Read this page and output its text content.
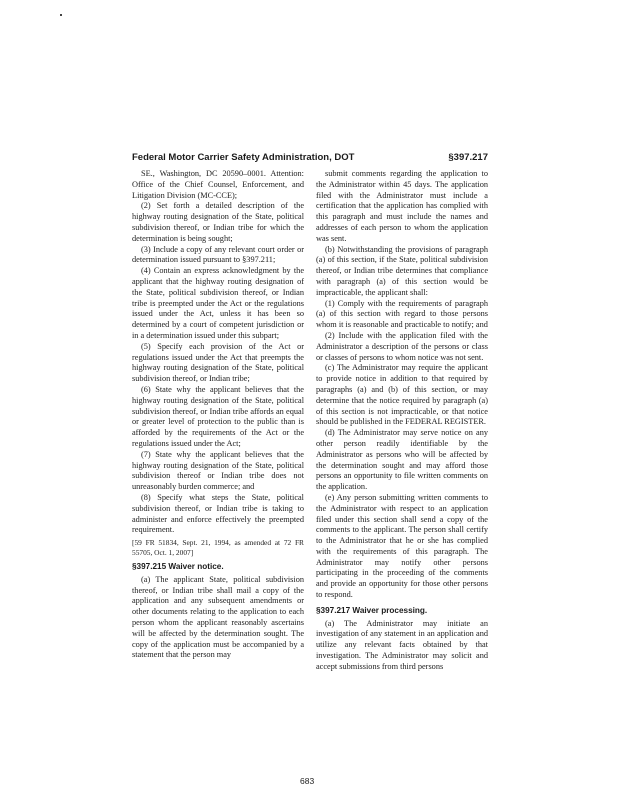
Federal Motor Carrier Safety Administration, DOT	§397.217

SE., Washington, DC 20590–0001. Attention: Office of the Chief Counsel, Enforcement, and Litigation Division (MC-CCE);

(2) Set forth a detailed description of the highway routing designation of the State, political subdivision thereof, or Indian tribe for which the determination is being sought;

(3) Include a copy of any relevant court order or determination issued pursuant to §397.211;

(4) Contain an express acknowledgment by the applicant that the highway routing designation of the State, political subdivision thereof, or Indian tribe is preempted under the Act or the regulations issued under the Act, unless it has been so determined by a court of competent jurisdiction or in a determination issued under this subpart;

(5) Specify each provision of the Act or regulations issued under the Act that preempts the highway routing designation of the State, political subdivision thereof, or Indian tribe;

(6) State why the applicant believes that the highway routing designation of the State, political subdivision thereof, or Indian tribe affords an equal or greater level of protection to the public than is afforded by the requirements of the Act or the regulations issued under the Act;

(7) State why the applicant believes that the highway routing designation of the State, political subdivision thereof or Indian tribe does not unreasonably burden commerce; and

(8) Specify what steps the State, political subdivision thereof, or Indian tribe is taking to administer and enforce effectively the preempted requirement.

[59 FR 51834, Sept. 21, 1994, as amended at 72 FR 55705, Oct. 1, 2007]

§397.215 Waiver notice.

(a) The applicant State, political subdivision thereof, or Indian tribe shall mail a copy of the application and any subsequent amendments or other documents relating to the application to each person whom the applicant reasonably ascertains will be affected by the determination sought. The copy of the application must be accompanied by a statement that the person may

submit comments regarding the application to the Administrator within 45 days. The application filed with the Administrator must include a certification that the application has complied with this paragraph and must include the names and addresses of each person to whom the application was sent.

(b) Notwithstanding the provisions of paragraph (a) of this section, if the State, political subdivision thereof, or Indian tribe determines that compliance with paragraph (a) of this section would be impracticable, the applicant shall:

(1) Comply with the requirements of paragraph (a) of this section with regard to those persons whom it is reasonable and practicable to notify; and

(2) Include with the application filed with the Administrator a description of the persons or class or classes of persons to whom notice was not sent.

(c) The Administrator may require the applicant to provide notice in addition to that required by paragraphs (a) and (b) of this section, or may determine that the notice required by paragraph (a) of this section is not impracticable, or that notice should be published in the FEDERAL REGISTER.

(d) The Administrator may serve notice on any other person readily identifiable by the Administrator as persons who will be affected by the determination sought and may afford those persons an opportunity to file written comments on the application.

(e) Any person submitting written comments to the Administrator with respect to an application filed under this section shall send a copy of the comments to the applicant. The person shall certify to the Administrator that he or she has complied with the requirements of this paragraph. The Administrator may notify other persons participating in the proceeding of the comments and provide an opportunity for those other persons to respond.

§397.217 Waiver processing.

(a) The Administrator may initiate an investigation of any statement in an application and utilize any relevant facts obtained by that investigation. The Administrator may solicit and accept submissions from third persons

683
